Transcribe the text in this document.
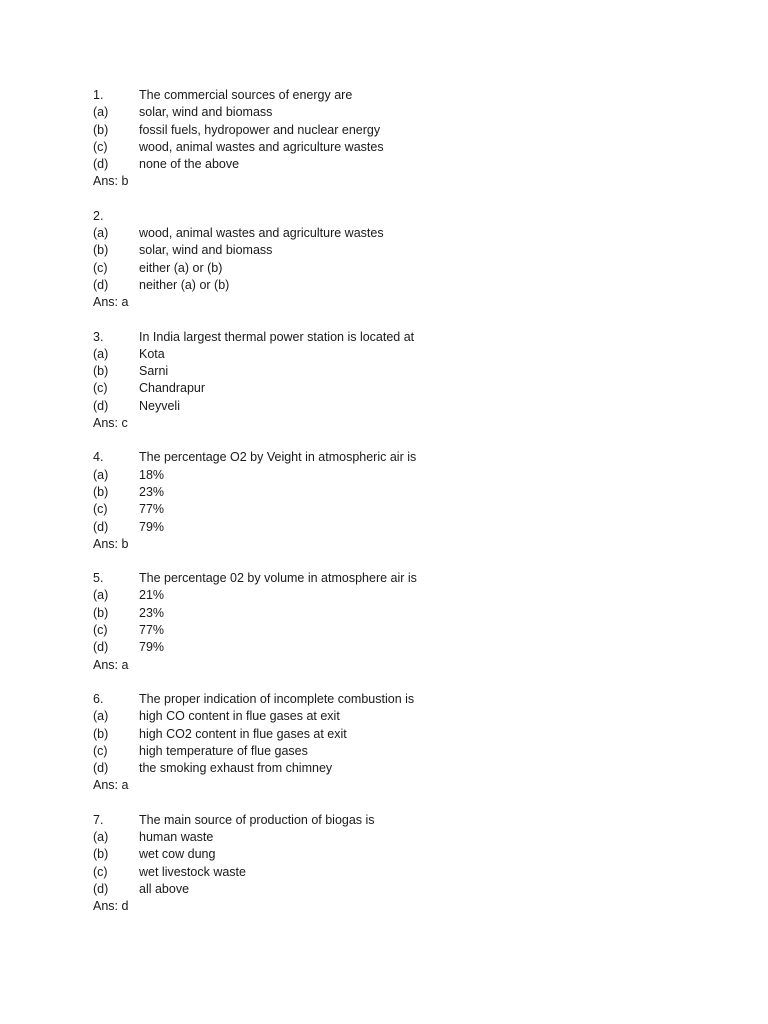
1.	The commercial sources of energy are
(a)	solar, wind and biomass
(b)	fossil fuels, hydropower and nuclear energy
(c)	wood, animal wastes and agriculture wastes
(d)	none of the above
Ans: b
2.
(a)	wood, animal wastes and agriculture wastes
(b)	solar, wind and biomass
(c)	either (a) or (b)
(d)	neither (a) or (b)
Ans: a
3.	In India largest thermal power station is located at
(a)	Kota
(b)	Sarni
(c)	Chandrapur
(d)	Neyveli
Ans: c
4.	The percentage O2 by Veight in atmospheric air is
(a)	18%
(b)	23%
(c)	77%
(d)	79%
Ans: b
5.	The percentage 02 by volume in atmosphere air is
(a)	21%
(b)	23%
(c)	77%
(d)	79%
Ans: a
6.	The proper indication of incomplete combustion is
(a)	high CO content in flue gases at exit
(b)	high CO2 content in flue gases at exit
(c)	high temperature of flue gases
(d)	the smoking exhaust from chimney
Ans: a
7.	The main source of production of biogas is
(a)	human waste
(b)	wet cow dung
(c)	wet livestock waste
(d)	all above
Ans: d
